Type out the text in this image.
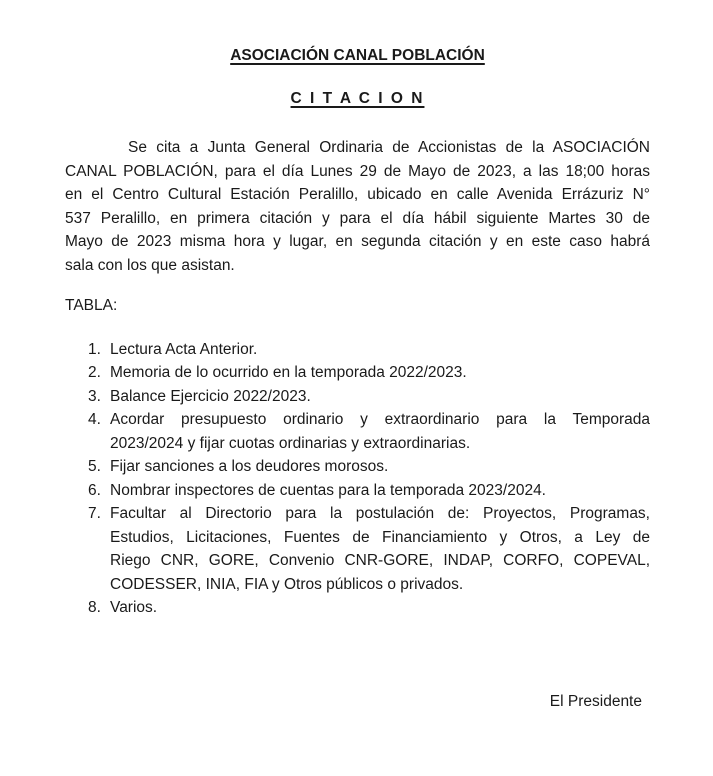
ASOCIACIÓN CANAL POBLACIÓN
C I T A C I O N
Se cita a Junta General Ordinaria de Accionistas de la ASOCIACIÓN
CANAL POBLACIÓN, para el día Lunes 29 de Mayo de 2023, a las 18;00 horas
en el Centro Cultural Estación Peralillo, ubicado en calle Avenida Errázuriz N°
537 Peralillo, en primera citación y para el día hábil siguiente Martes 30 de
Mayo de 2023 misma hora y lugar, en segunda citación y en este caso habrá
sala con los que asistan.
TABLA:
1. Lectura Acta Anterior.
2. Memoria de lo ocurrido en la temporada 2022/2023.
3. Balance Ejercicio 2022/2023.
4. Acordar presupuesto ordinario y extraordinario para la Temporada
2023/2024 y fijar cuotas ordinarias y extraordinarias.
5. Fijar sanciones a los deudores morosos.
6. Nombrar inspectores de cuentas para la temporada 2023/2024.
7. Facultar al Directorio para la postulación de: Proyectos, Programas,
Estudios, Licitaciones, Fuentes de Financiamiento y Otros, a Ley de
Riego CNR, GORE, Convenio CNR-GORE, INDAP, CORFO, COPEVAL,
CODESSER, INIA, FIA y Otros públicos o privados.
8. Varios.
El Presidente
